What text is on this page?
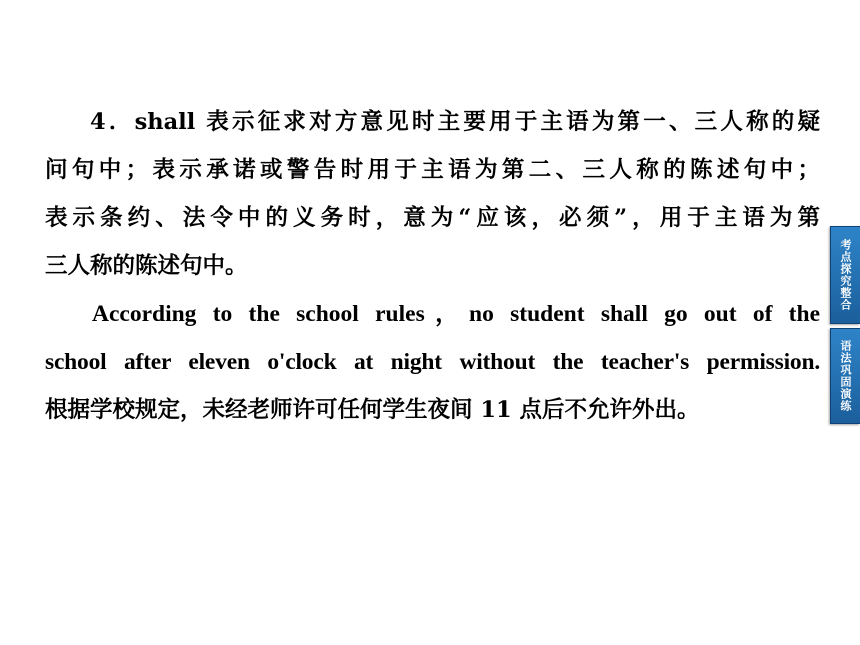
4．shall 表示征求对方意见时主要用于主语为第一、三人称的疑
问句中；表示承诺或警告时用于主语为第二、三人称的陈述句中；
表示条约、法令中的义务时，意为“应该，必须”，用于主语为第
三人称的陈述句中。

According to the school rules，no student shall go out of the
school after eleven o'clock at night without the teacher's permission.

根据学校规定，未经老师许可任何学生夜间 11 点后不允许外出。

考点探究整合
语法巩固演练
